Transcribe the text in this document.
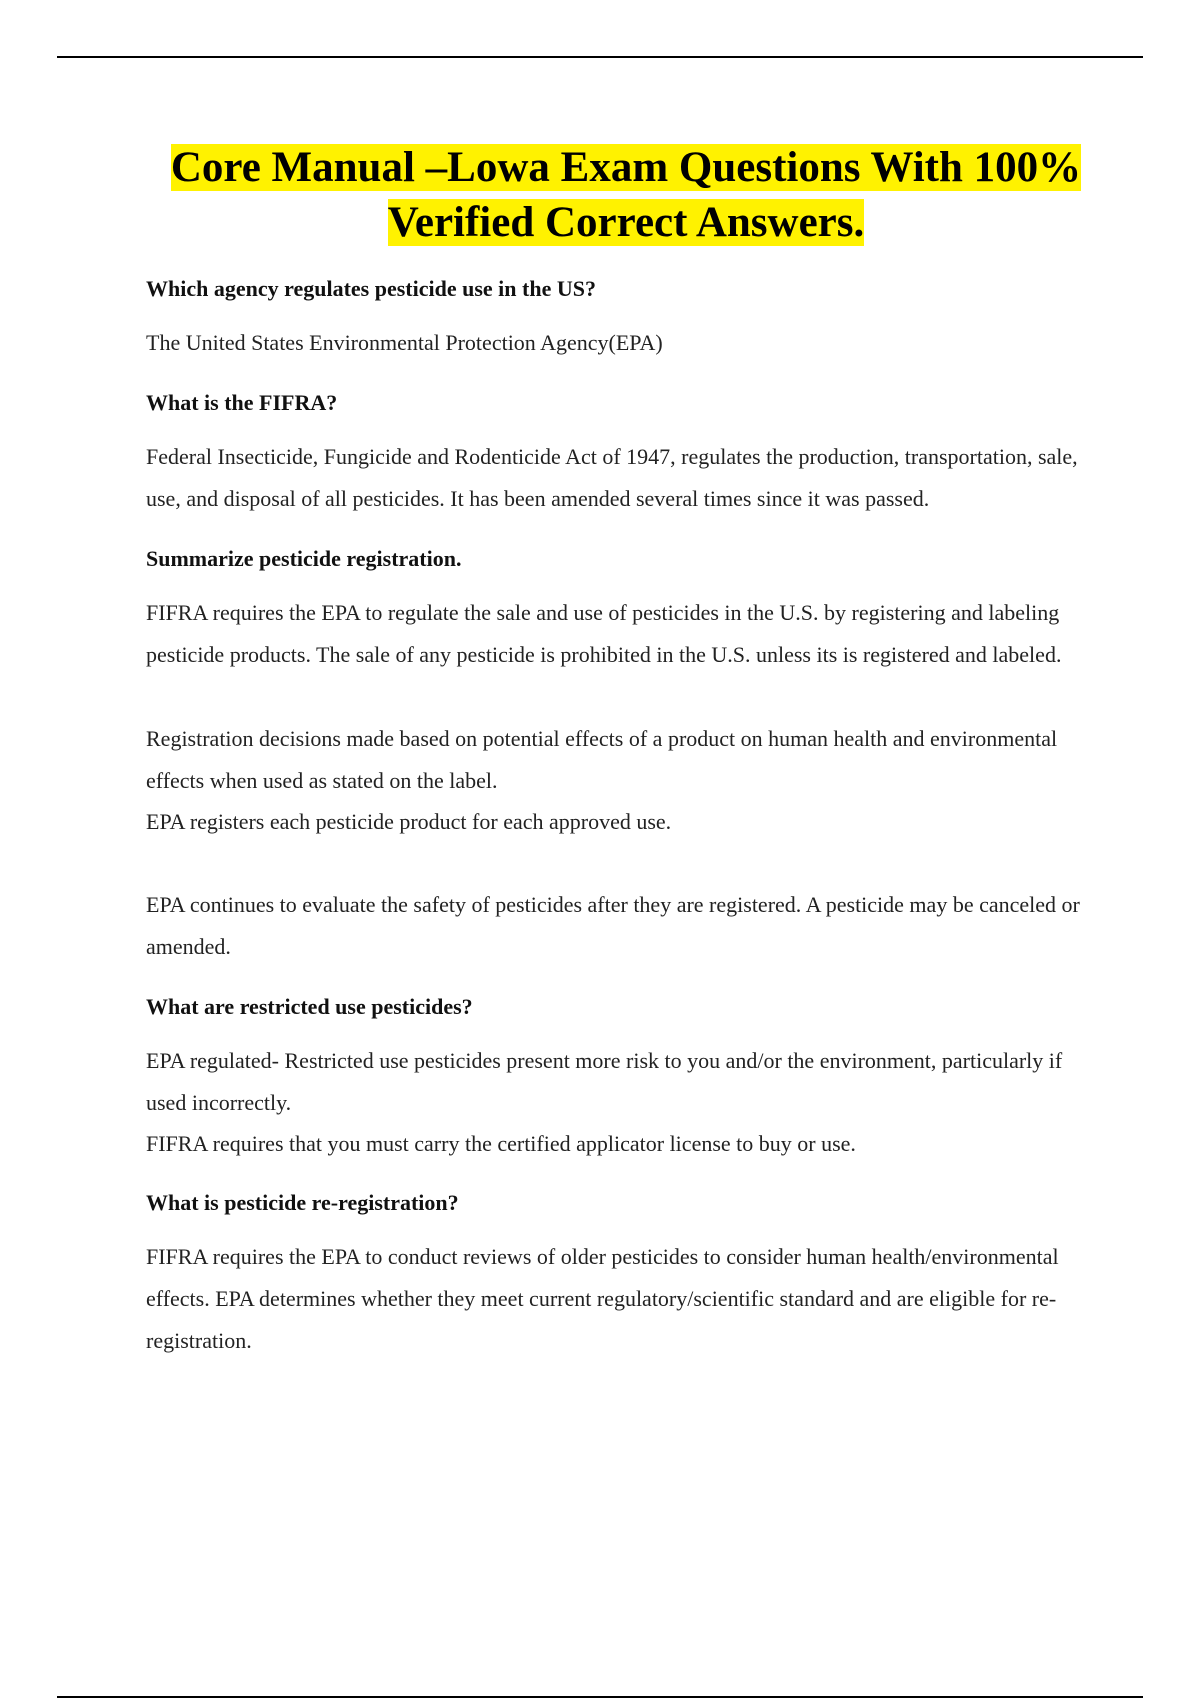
Core Manual –Lowa Exam Questions With 100%
Verified Correct Answers.
Which agency regulates pesticide use in the US?

The United States Environmental Protection Agency(EPA)

What is the FIFRA?

Federal Insecticide, Fungicide and Rodenticide Act of 1947, regulates the production, transportation, sale, use, and disposal of all pesticides. It has been amended several times since it was passed.

Summarize pesticide registration.

FIFRA requires the EPA to regulate the sale and use of pesticides in the U.S. by registering and labeling pesticide products. The sale of any pesticide is prohibited in the U.S. unless its is registered and labeled.

Registration decisions made based on potential effects of a product on human health and environmental effects when used as stated on the label.

EPA registers each pesticide product for each approved use.

EPA continues to evaluate the safety of pesticides after they are registered. A pesticide may be canceled or amended.

What are restricted use pesticides?

EPA regulated- Restricted use pesticides present more risk to you and/or the environment, particularly if used incorrectly.

FIFRA requires that you must carry the certified applicator license to buy or use.

What is pesticide re-registration?

FIFRA requires the EPA to conduct reviews of older pesticides to consider human health/environmental effects. EPA determines whether they meet current regulatory/scientific standard and are eligible for re-registration.
